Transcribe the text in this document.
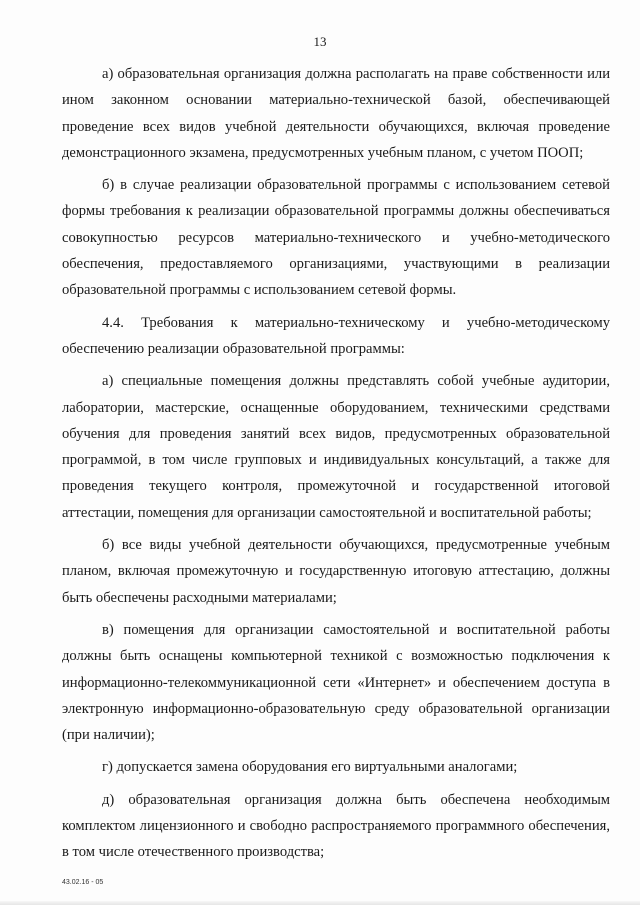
13

а) образовательная организация должна располагать на праве собственности или ином законном основании материально-технической базой, обеспечивающей проведение всех видов учебной деятельности обучающихся, включая проведение демонстрационного экзамена, предусмотренных учебным планом, с учетом ПООП;

б) в случае реализации образовательной программы с использованием сетевой формы требования к реализации образовательной программы должны обеспечиваться совокупностью ресурсов материально-технического и учебно-методического обеспечения, предоставляемого организациями, участвующими в реализации образовательной программы с использованием сетевой формы.

4.4. Требования к материально-техническому и учебно-методическому обеспечению реализации образовательной программы:

а) специальные помещения должны представлять собой учебные аудитории, лаборатории, мастерские, оснащенные оборудованием, техническими средствами обучения для проведения занятий всех видов, предусмотренных образовательной программой, в том числе групповых и индивидуальных консультаций, а также для проведения текущего контроля, промежуточной и государственной итоговой аттестации, помещения для организации самостоятельной и воспитательной работы;

б) все виды учебной деятельности обучающихся, предусмотренные учебным планом, включая промежуточную и государственную итоговую аттестацию, должны быть обеспечены расходными материалами;

в) помещения для организации самостоятельной и воспитательной работы должны быть оснащены компьютерной техникой с возможностью подключения к информационно-телекоммуникационной сети «Интернет» и обеспечением доступа в электронную информационно-образовательную среду образовательной организации (при наличии);

г) допускается замена оборудования его виртуальными аналогами;

д) образовательная организация должна быть обеспечена необходимым комплектом лицензионного и свободно распространяемого программного обеспечения, в том числе отечественного производства;

43.02.16 - 05
